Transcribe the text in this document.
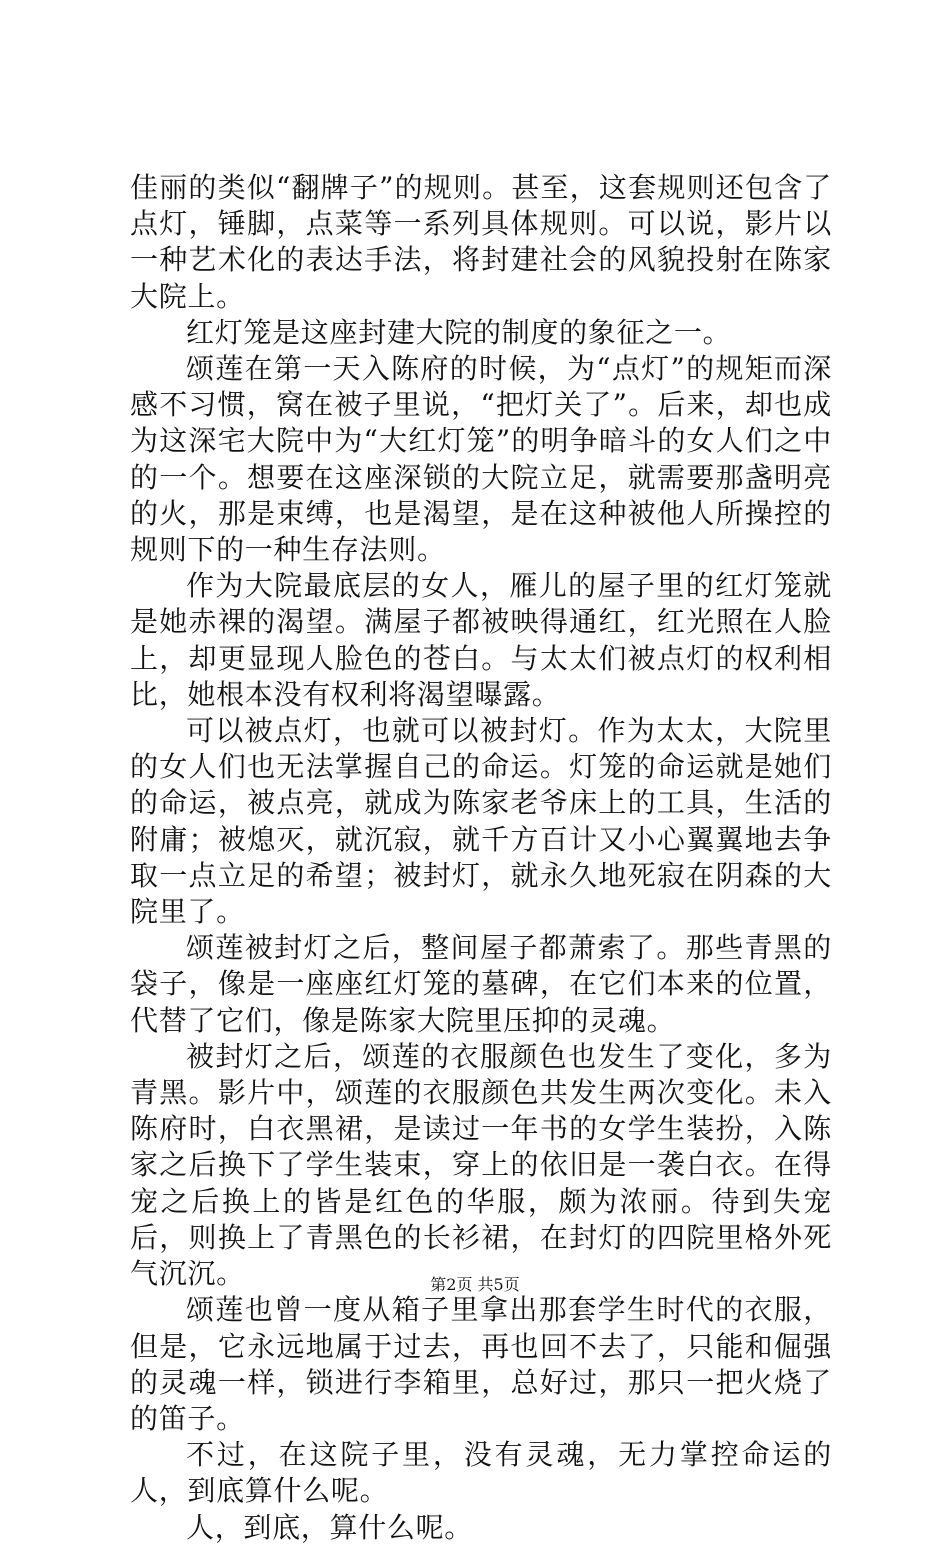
佳丽的类似“翻牌子”的规则。甚至，这套规则还包含了点灯，锤脚，点菜等一系列具体规则。可以说，影片以一种艺术化的表达手法，将封建社会的风貌投射在陈家大院上。

红灯笼是这座封建大院的制度的象征之一。

颂莲在第一天入陈府的时候，为“点灯”的规矩而深感不习惯，窝在被子里说，“把灯关了”。后来，却也成为这深宅大院中为“大红灯笼”的明争暗斗的女人们之中的一个。想要在这座深锁的大院立足，就需要那盏明亮的火，那是束缚，也是渴望，是在这种被他人所操控的规则下的一种生存法则。

作为大院最底层的女人，雁儿的屋子里的红灯笼就是她赤裸的渴望。满屋子都被映得通红，红光照在人脸上，却更显现人脸色的苍白。与太太们被点灯的权利相比，她根本没有权利将渴望曝露。

可以被点灯，也就可以被封灯。作为太太，大院里的女人们也无法掌握自己的命运。灯笼的命运就是她们的命运，被点亮，就成为陈家老爷床上的工具，生活的附庸；被熄灭，就沉寂，就千方百计又小心翼翼地去争取一点立足的希望；被封灯，就永久地死寂在阴森的大院里了。

颂莲被封灯之后，整间屋子都萧索了。那些青黑的袋子，像是一座座红灯笼的墓碑，在它们本来的位置，代替了它们，像是陈家大院里压抑的灵魂。

被封灯之后，颂莲的衣服颜色也发生了变化，多为青黑。影片中，颂莲的衣服颜色共发生两次变化。未入陈府时，白衣黑裙，是读过一年书的女学生装扮，入陈家之后换下了学生装束，穿上的依旧是一袭白衣。在得宠之后换上的皆是红色的华服，颇为浓丽。待到失宠后，则换上了青黑色的长衫裙，在封灯的四院里格外死气沉沉。

颂莲也曾一度从箱子里拿出那套学生时代的衣服，但是，它永远地属于过去，再也回不去了，只能和倔强的灵魂一样，锁进行李箱里，总好过，那只一把火烧了的笛子。

不过，在这院子里，没有灵魂，无力掌控命运的人，到底算什么呢。

人，到底，算什么呢。

第2页 共5页
